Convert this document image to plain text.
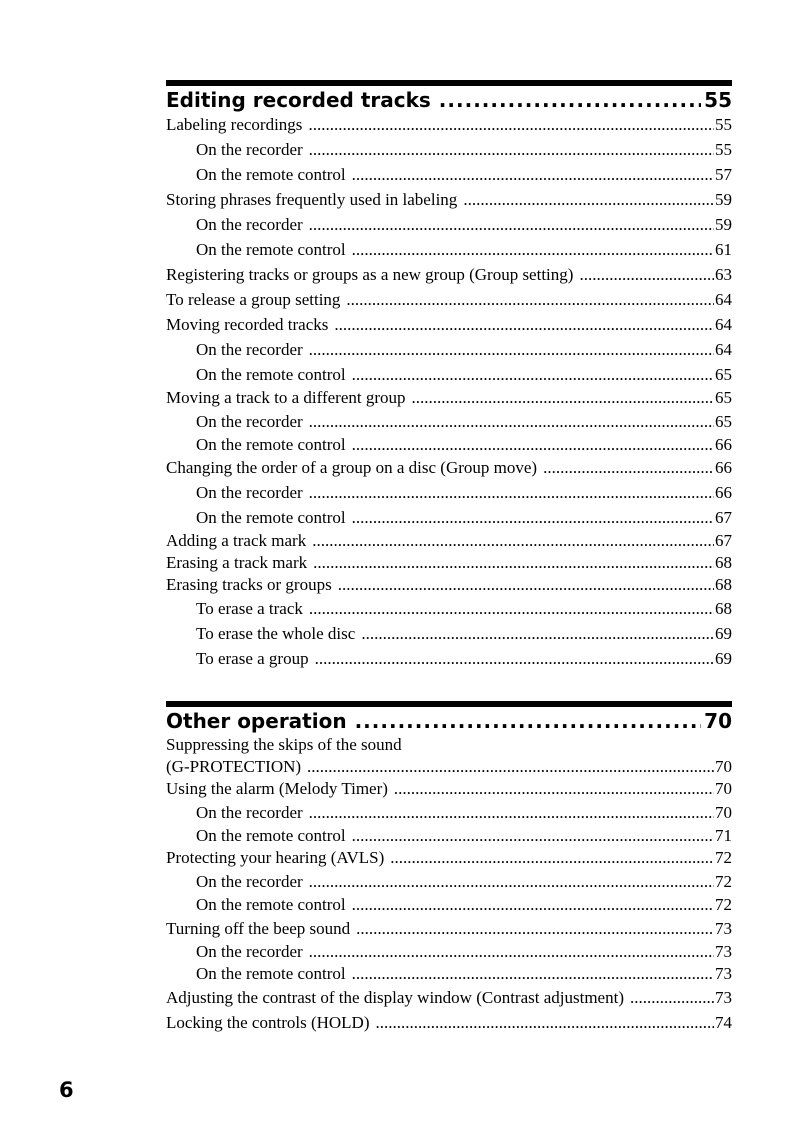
Editing recorded tracks .....	55
Labeling recordings .....	55
On the recorder .....	55
On the remote control .....	57
Storing phrases frequently used in labeling .....	59
On the recorder .....	59
On the remote control .....	61
Registering tracks or groups as a new group (Group setting) .....	63
To release a group setting .....	64
Moving recorded tracks .....	64
On the recorder .....	64
On the remote control .....	65
Moving a track to a different group .....	65
On the recorder .....	65
On the remote control .....	66
Changing the order of a group on a disc (Group move) .....	66
On the recorder .....	66
On the remote control .....	67
Adding a track mark .....	67
Erasing a track mark .....	68
Erasing tracks or groups .....	68
To erase a track .....	68
To erase the whole disc .....	69
To erase a group .....	69
Other operation .....	70
Suppressing the skips of the sound
(G-PROTECTION) .....	70
Using the alarm (Melody Timer) .....	70
On the recorder .....	70
On the remote control .....	71
Protecting your hearing (AVLS) .....	72
On the recorder .....	72
On the remote control .....	72
Turning off the beep sound .....	73
On the recorder .....	73
On the remote control .....	73
Adjusting the contrast of the display window (Contrast adjustment) .....	73
Locking the controls (HOLD) .....	74
6
